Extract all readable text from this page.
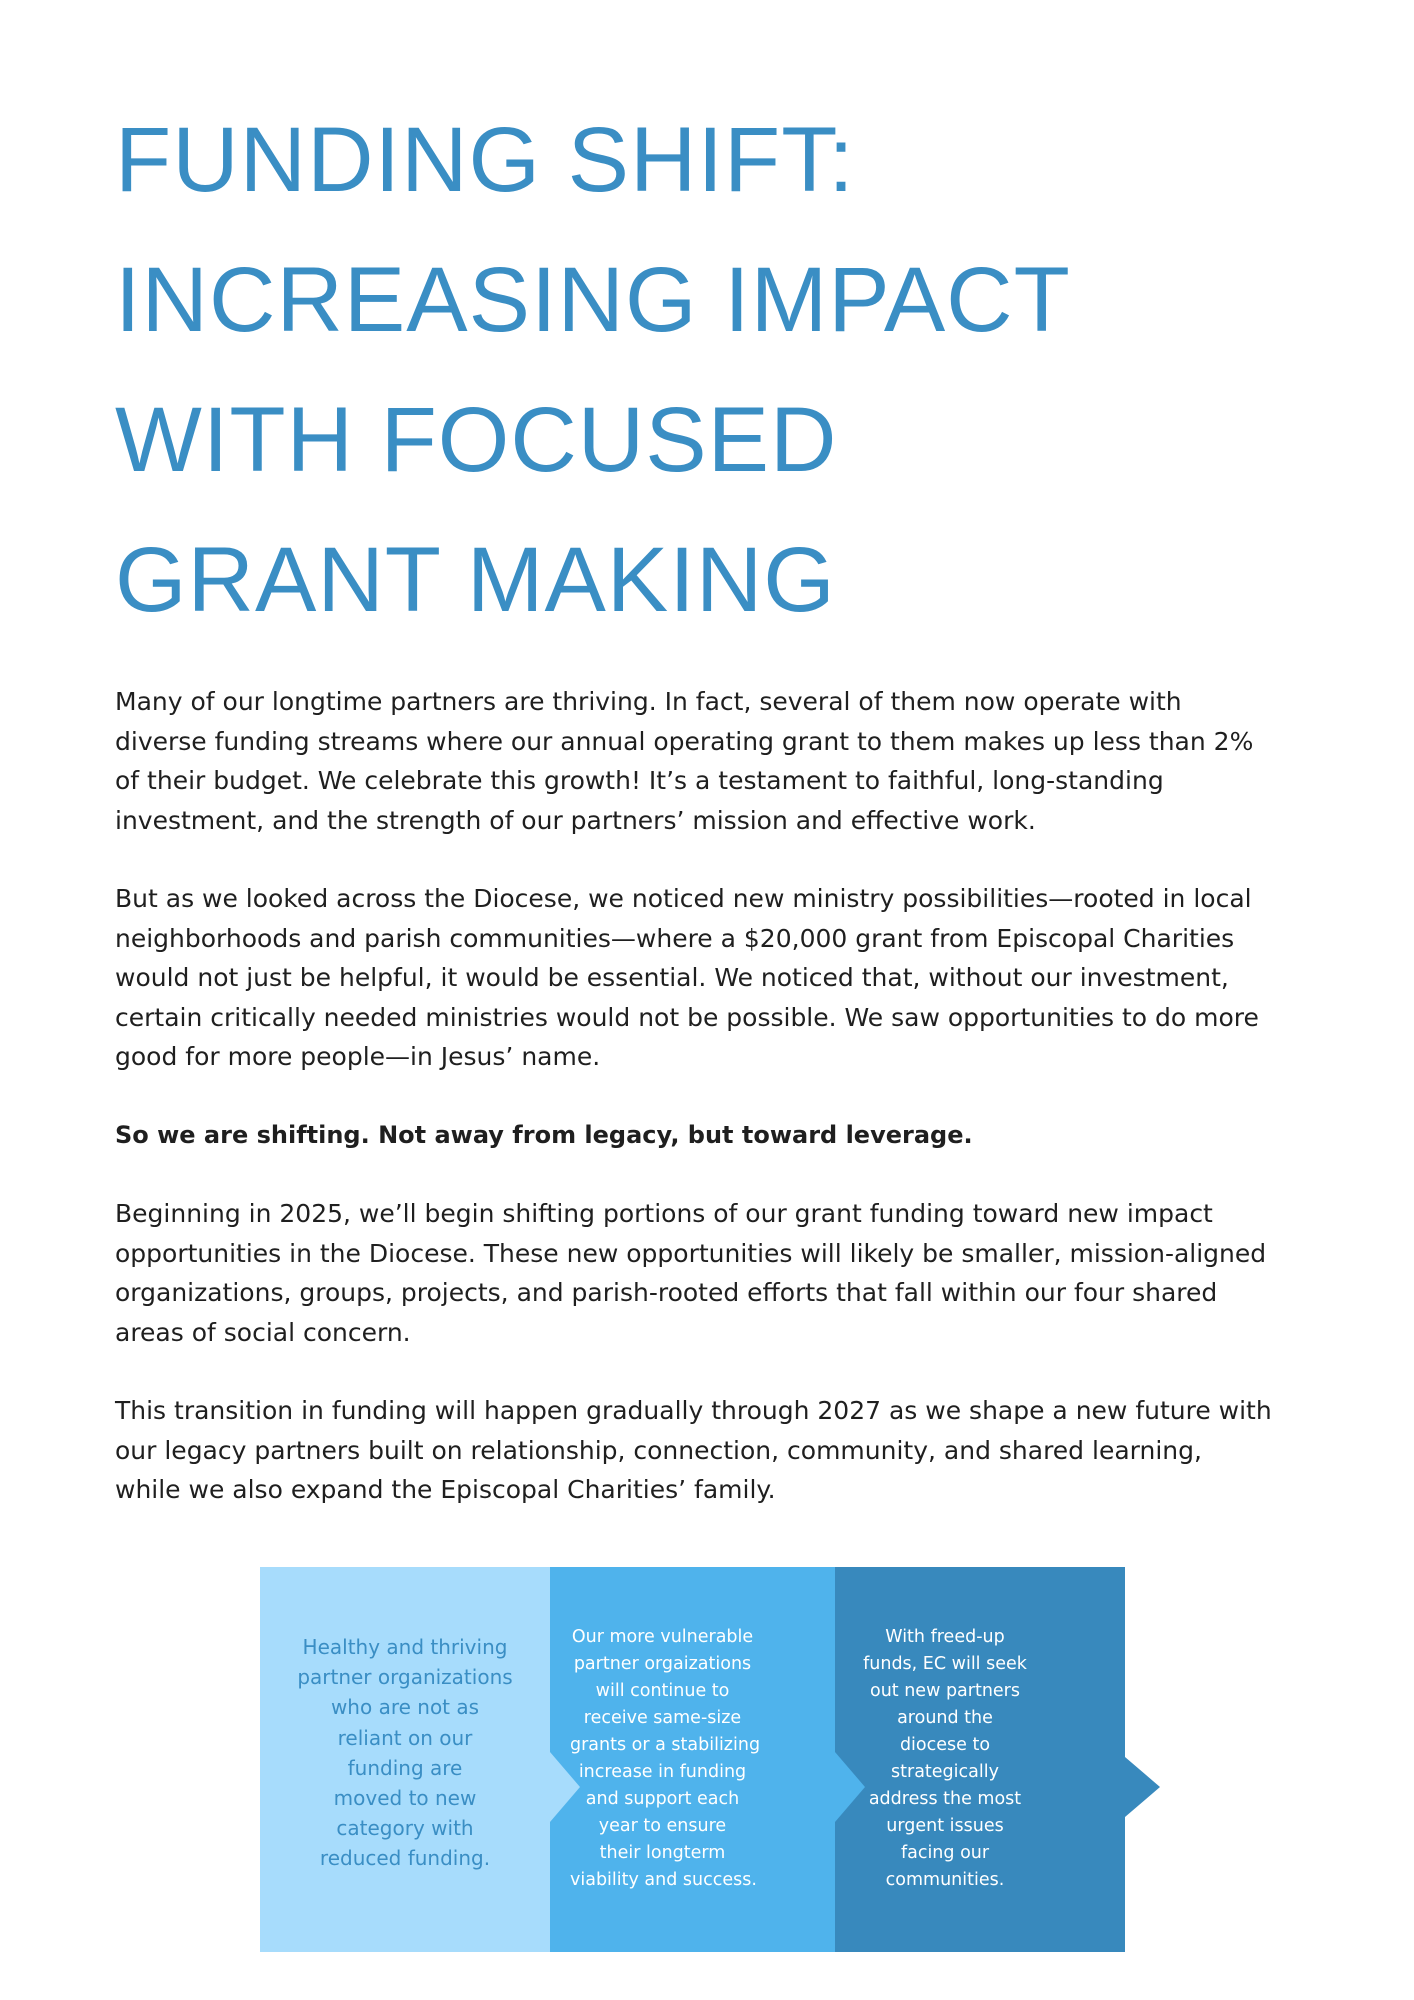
FUNDING SHIFT:
INCREASING IMPACT
WITH FOCUSED
GRANT MAKING

Many of our longtime partners are thriving. In fact, several of them now operate with diverse funding streams where our annual operating grant to them makes up less than 2% of their budget. We celebrate this growth! It’s a testament to faithful, long-standing investment, and the strength of our partners’ mission and effective work.

But as we looked across the Diocese, we noticed new ministry possibilities—rooted in local neighborhoods and parish communities—where a $20,000 grant from Episcopal Charities would not just be helpful, it would be essential. We noticed that, without our investment, certain critically needed ministries would not be possible. We saw opportunities to do more good for more people—in Jesus’ name.

So we are shifting. Not away from legacy, but toward leverage.

Beginning in 2025, we’ll begin shifting portions of our grant funding toward new impact opportunities in the Diocese. These new opportunities will likely be smaller, mission-aligned organizations, groups, projects, and parish-rooted efforts that fall within our four shared areas of social concern.

This transition in funding will happen gradually through 2027 as we shape a new future with our legacy partners built on relationship, connection, community, and shared learning, while we also expand the Episcopal Charities’ family.

Healthy and thriving
partner organizations
who are not as
reliant on our
funding are
moved to new
category with
reduced funding.
Our more vulnerable
partner orgaizations
will continue to
receive same-size
grants or a stabilizing
increase in funding
and support each
year to ensure
their longterm
viability and success.
With freed-up
funds, EC will seek
out new partners
around the
diocese to
strategically
address the most
urgent issues
facing our
communities.
